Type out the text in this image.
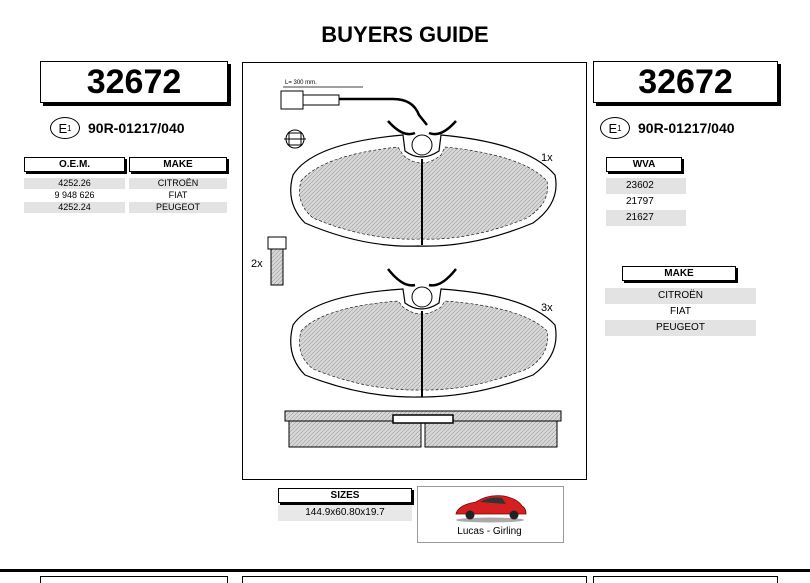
BUYERS GUIDE
32672
E 1 90R-01217/040
O.E.M.	MAKE
4252.26	CITROËN
9 948 626	FIAT
4252.24	PEUGEOT
32672
E 1 90R-01217/040
WVA
23602
21797
21627
MAKE
CITROËN
FIAT
PEUGEOT
L= 300 mm.
1x
2x
3x
SIZES
144.9x60.80x19.7
Lucas - Girling
